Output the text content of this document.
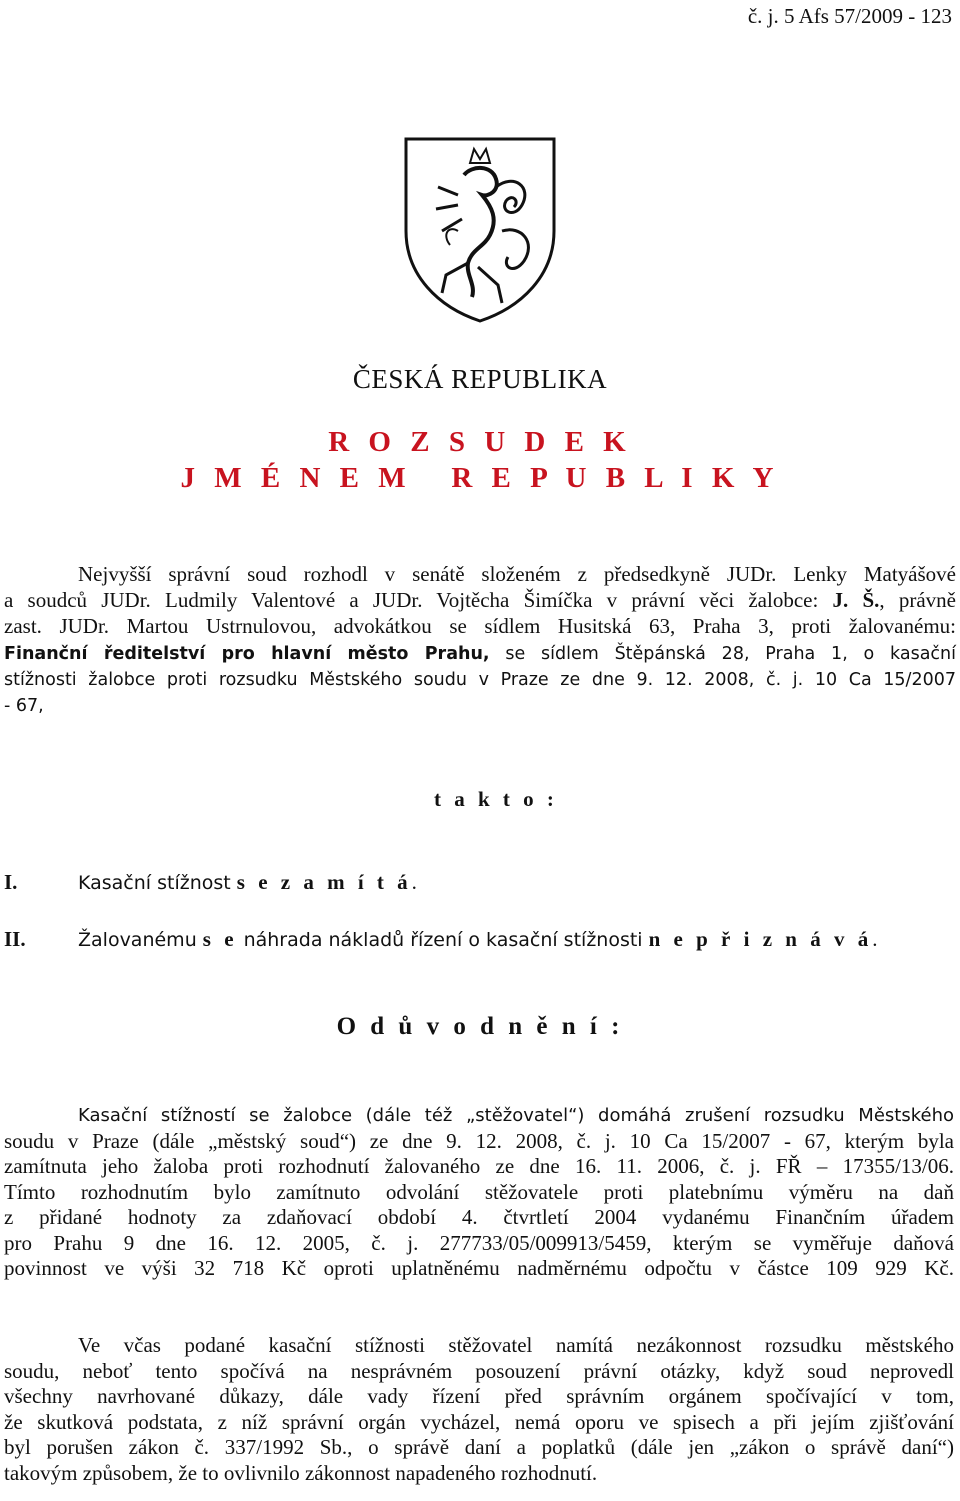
č. j. 5 Afs 57/2009 - 123
ČESKÁ REPUBLIKA
R O Z S U D E K
J M É N E M   R E P U B L I K Y
Nejvyšší správní soud rozhodl v senátě složeném z předsedkyně JUDr. Lenky Matyášové
a soudců JUDr. Ludmily Valentové a JUDr. Vojtěcha Šimíčka v právní věci žalobce: J. Š., právně
zast. JUDr. Martou Ustrnulovou, advokátkou se sídlem Husitská 63, Praha 3, proti žalovanému:
Finanční ředitelství pro hlavní město Prahu, se sídlem Štěpánská 28, Praha 1, o kasační
stížnosti žalobce proti rozsudku Městského soudu v Praze ze dne 9. 12. 2008, č. j. 10 Ca 15/2007
- 67,
t a k t o :
I.	Kasační stížnost s e z a m í t á.
II.	Žalovanému s e náhrada nákladů řízení o kasační stížnosti n e p ř i z n á v á.
O d ů v o d n ě n í :
Kasační stížností se žalobce (dále též „stěžovatel“) domáhá zrušení rozsudku Městského
soudu v Praze (dále „městský soud“) ze dne 9. 12. 2008, č. j. 10 Ca 15/2007 - 67, kterým byla
zamítnuta jeho žaloba proti rozhodnutí žalovaného ze dne 16. 11. 2006, č. j. FŘ – 17355/13/06.
Tímto rozhodnutím bylo zamítnuto odvolání stěžovatele proti platebnímu výměru na daň
z přidané hodnoty za zdaňovací období 4. čtvrtletí 2004 vydanému Finančním úřadem
pro Prahu 9 dne 16. 12. 2005, č. j. 277733/05/009913/5459, kterým se vyměřuje daňová
povinnost ve výši 32 718 Kč oproti uplatněnému nadměrnému odpočtu v částce 109 929 Kč.
Ve včas podané kasační stížnosti stěžovatel namítá nezákonnost rozsudku městského
soudu, neboť tento spočívá na nesprávném posouzení právní otázky, když soud neprovedl
všechny navrhované důkazy, dále vady řízení před správním orgánem spočívající v tom,
že skutková podstata, z níž správní orgán vycházel, nemá oporu ve spisech a při jejím zjišťování
byl porušen zákon č. 337/1992 Sb., o správě daní a poplatků (dále jen „zákon o správě daní“)
takovým způsobem, že to ovlivnilo zákonnost napadeného rozhodnutí.
